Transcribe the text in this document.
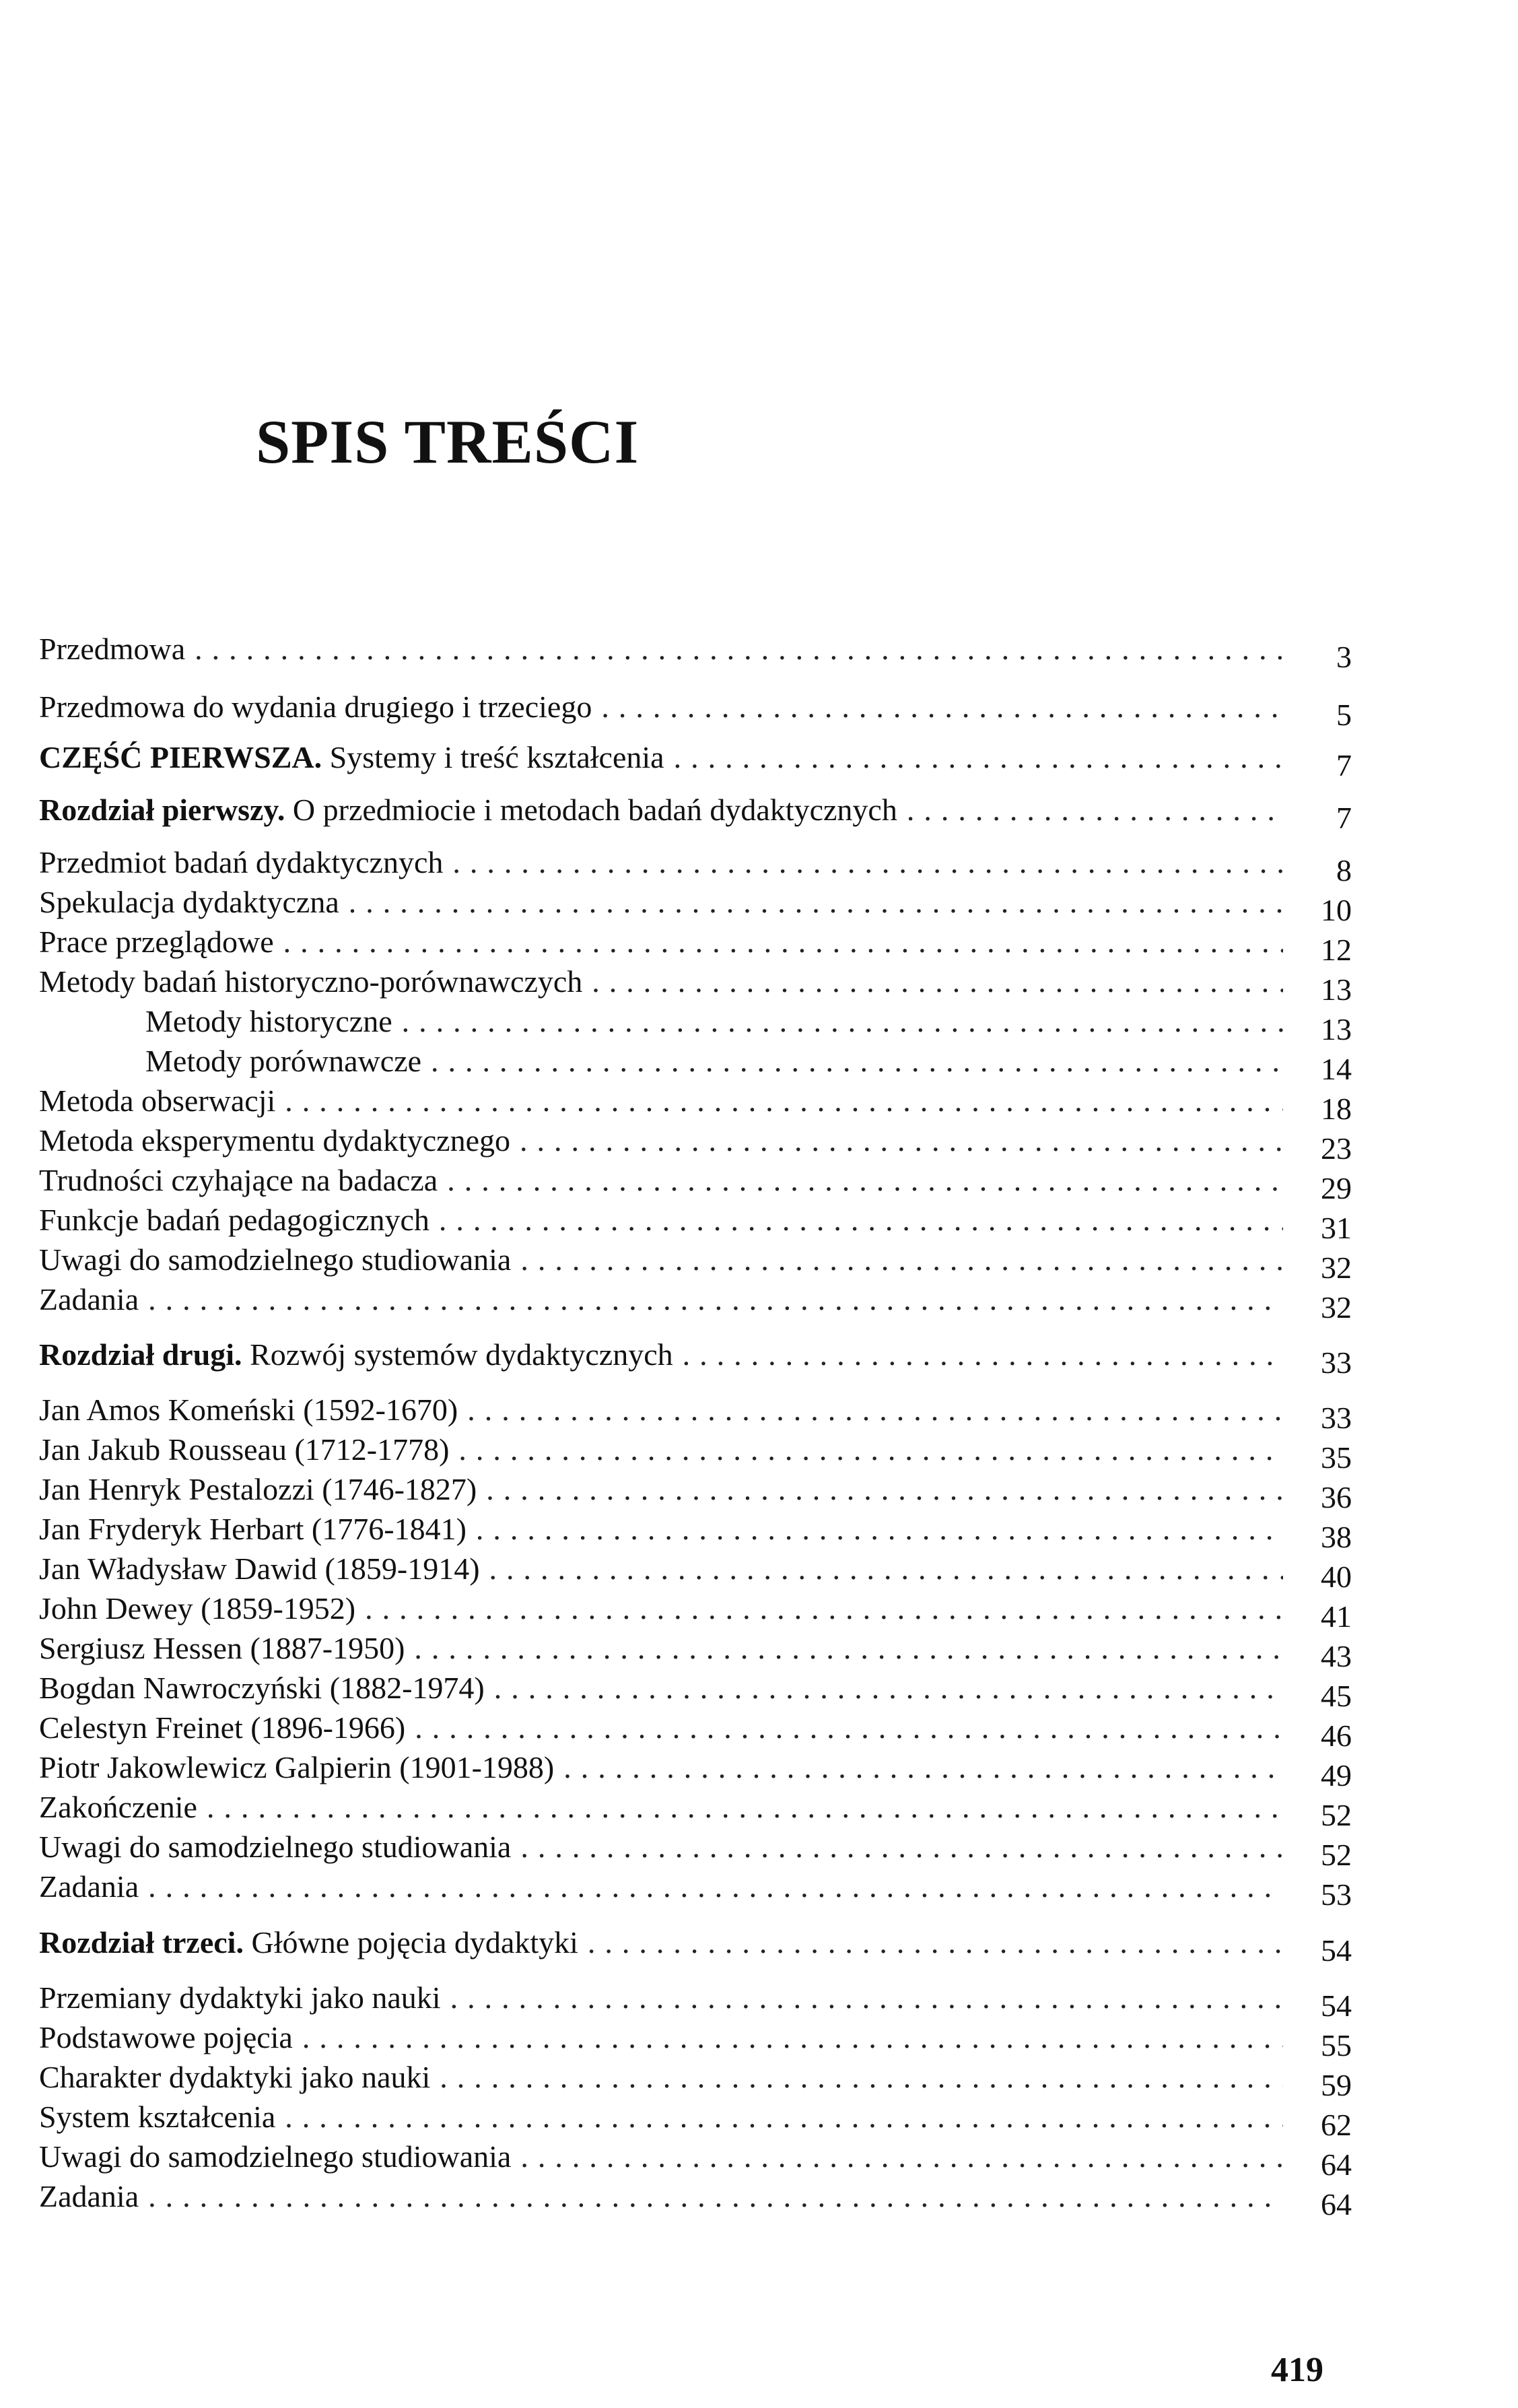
SPIS TREŚCI
Przedmowa .....	3
Przedmowa do wydania drugiego i trzeciego .....	5
CZĘŚĆ PIERWSZA. Systemy i treść kształcenia .....	7
Rozdział pierwszy. O przedmiocie i metodach badań dydaktycznych .....	7
Przedmiot badań dydaktycznych .....	8
Spekulacja dydaktyczna .....	10
Prace przeglądowe .....	12
Metody badań historyczno-porównawczych .....	13
Metody historyczne .....	13
Metody porównawcze .....	14
Metoda obserwacji .....	18
Metoda eksperymentu dydaktycznego .....	23
Trudności czyhające na badacza .....	29
Funkcje badań pedagogicznych .....	31
Uwagi do samodzielnego studiowania .....	32
Zadania .....	32
Rozdział drugi. Rozwój systemów dydaktycznych .....	33
Jan Amos Komeński (1592-1670) .....	33
Jan Jakub Rousseau (1712-1778) .....	35
Jan Henryk Pestalozzi (1746-1827) .....	36
Jan Fryderyk Herbart (1776-1841) .....	38
Jan Władysław Dawid (1859-1914) .....	40
John Dewey (1859-1952) .....	41
Sergiusz Hessen (1887-1950) .....	43
Bogdan Nawroczyński (1882-1974) .....	45
Celestyn Freinet (1896-1966) .....	46
Piotr Jakowlewicz Galpierin (1901-1988) .....	49
Zakończenie .....	52
Uwagi do samodzielnego studiowania .....	52
Zadania .....	53
Rozdział trzeci. Główne pojęcia dydaktyki .....	54
Przemiany dydaktyki jako nauki .....	54
Podstawowe pojęcia .....	55
Charakter dydaktyki jako nauki .....	59
System kształcenia .....	62
Uwagi do samodzielnego studiowania .....	64
Zadania .....	64

419
